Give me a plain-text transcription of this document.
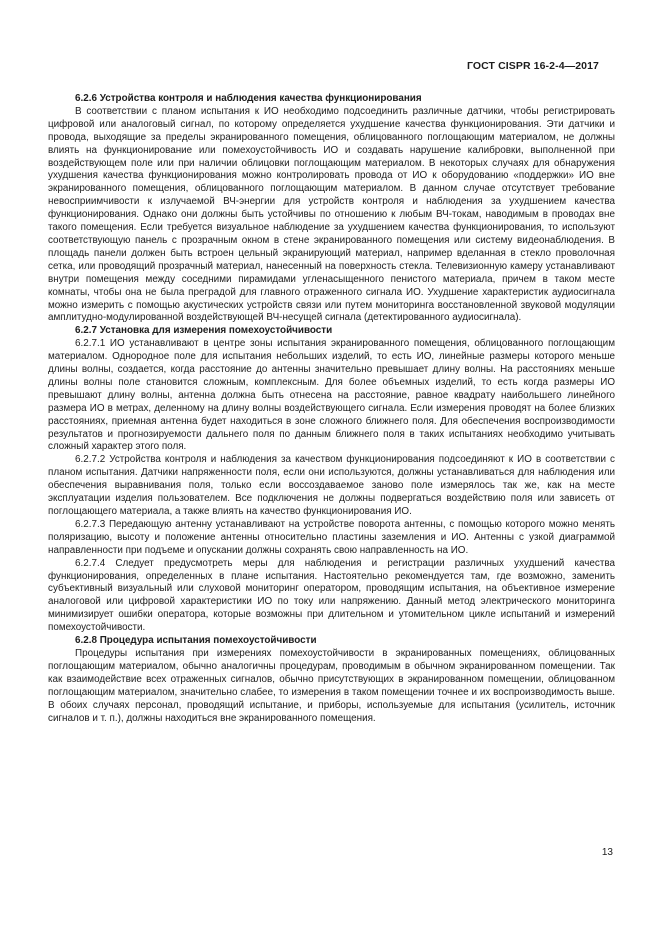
ГОСТ CISPR 16-2-4—2017
6.2.6 Устройства контроля и наблюдения качества функционирования

В соответствии с планом испытания к ИО необходимо подсоединить различные датчики, чтобы регистрировать цифровой или аналоговый сигнал, по которому определяется ухудшение качества функционирования. Эти датчики и провода, выходящие за пределы экранированного помещения, облицованного поглощающим материалом, не должны влиять на функционирование или помехоустойчивость ИО и создавать нарушение калибровки, выполненной при воздействующем поле или при наличии облицовки поглощающим материалом. В некоторых случаях для обнаружения ухудшения качества функционирования можно контролировать провода от ИО к оборудованию «поддержки» ИО вне экранированного помещения, облицованного поглощающим материалом. В данном случае отсутствует требование невосприимчивости к излучаемой ВЧ-энергии для устройств контроля и наблюдения за ухудшением качества функционирования. Однако они должны быть устойчивы по отношению к любым ВЧ-токам, наводимым в проводах вне такого помещения. Если требуется визуальное наблюдение за ухудшением качества функционирования, то используют соответствующую панель с прозрачным окном в стене экранированного помещения или систему видеонаблюдения. В площадь панели должен быть встроен цельный экранирующий материал, например вделанная в стекло проволочная сетка, или проводящий прозрачный материал, нанесенный на поверхность стекла. Телевизионную камеру устанавливают внутри помещения между соседними пирамидами угленасыщенного пенистого материала, причем в таком месте комнаты, чтобы она не была преградой для главного отраженного сигнала ИО. Ухудшение характеристик аудиосигнала можно измерить с помощью акустических устройств связи или путем мониторинга восстановленной звуковой модуляции амплитудно-модулированной воздействующей ВЧ-несущей сигнала (детектированного аудиосигнала).

6.2.7 Установка для измерения помехоустойчивости

6.2.7.1 ИО устанавливают в центре зоны испытания экранированного помещения, облицованного поглощающим материалом. Однородное поле для испытания небольших изделий, то есть ИО, линейные размеры которого меньше длины волны, создается, когда расстояние до антенны значительно превышает длину волны. На расстояниях меньше длины волны поле становится сложным, комплексным. Для более объемных изделий, то есть когда размеры ИО превышают длину волны, антенна должна быть отнесена на расстояние, равное квадрату наибольшего линейного размера ИО в метрах, деленному на длину волны воздействующего сигнала. Если измерения проводят на более близких расстояниях, приемная антенна будет находиться в зоне сложного ближнего поля. Для обеспечения воспроизводимости результатов и прогнозируемости дальнего поля по данным ближнего поля в таких испытаниях необходимо учитывать сложный характер этого поля.

6.2.7.2 Устройства контроля и наблюдения за качеством функционирования подсоединяют к ИО в соответствии с планом испытания. Датчики напряженности поля, если они используются, должны устанавливаться для наблюдения или обеспечения выравнивания поля, только если воссоздаваемое заново поле измерялось так же, как на месте эксплуатации изделия пользователем. Все подключения не должны подвергаться воздействию поля или зависеть от поглощающего материала, а также влиять на качество функционирования ИО.

6.2.7.3 Передающую антенну устанавливают на устройстве поворота антенны, с помощью которого можно менять поляризацию, высоту и положение антенны относительно пластины заземления и ИО. Антенны с узкой диаграммой направленности при подъеме и опускании должны сохранять свою направленность на ИО.

6.2.7.4 Следует предусмотреть меры для наблюдения и регистрации различных ухудшений качества функционирования, определенных в плане испытания. Настоятельно рекомендуется там, где возможно, заменить субъективный визуальный или слуховой мониторинг оператором, проводящим испытания, на объективное измерение аналоговой или цифровой характеристики ИО по току или напряжению. Данный метод электрического мониторинга минимизирует ошибки оператора, которые возможны при длительном и утомительном цикле испытаний и измерений помехоустойчивости.

6.2.8 Процедура испытания помехоустойчивости

Процедуры испытания при измерениях помехоустойчивости в экранированных помещениях, облицованных поглощающим материалом, обычно аналогичны процедурам, проводимым в обычном экранированном помещении. Так как взаимодействие всех отраженных сигналов, обычно присутствующих в экранированном помещении, облицованном поглощающим материалом, значительно слабее, то измерения в таком помещении точнее и их воспроизводимость выше. В обоих случаях персонал, проводящий испытание, и приборы, используемые для испытания (усилитель, источник сигналов и т. п.), должны находиться вне экранированного помещения.

13
